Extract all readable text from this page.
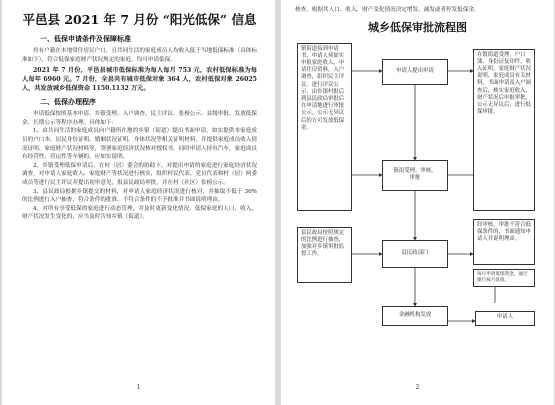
平邑县 2021 年 7 月份 “阳光低保” 信息
一、低保申请条件及保障标准

持有户籍在本地常住居民户口，且共同生活的家庭成员人均收入低于当地低保标准（具体标准如下），符合低保家庭财产状况规定的家庭，均可申请低保。

2021 年 7 月份，平邑县城市低保标准为每人每月 753 元，农村低保标准为每人每年 6960 元。7 月份，全县共有城市低保对象 364 人，农村低保对象 26025 人，共发放城乡低保资金 1150.1132 万元。

二、低保办理程序

申请低保按照基本申请、乡镇受理、入户调查、民主评议、张榜公示、县级审批、发放低保金、长期公示等程序办理。具体如下：

1、由共同生活的家庭成员向户籍所在地的乡镇（街道）提出书面申请，如实提供本家庭成员的户口本、居民身份证明、婚姻状况证明、身体状况等相关证明材料，并提供家庭成员收入情况证明、家庭财产状况材料等，签署家庭经济状况核对授权书。同时申请人持有汽车、家庭成员有经营性、营运性等车辆的，应如实说明。

2、乡镇受理低保申请后，在村（居）委会的协助下，对提出申请的家庭进行家庭经济状况调查，对申请人家庭收入、家庭财产等状况进行核实，组织村民代表、党员代表和村（居）两委成员等进行民主评议并提出初审意见，报县民政局审批，并在村（社区）张榜公示。

3、县民政局根据乡镇提交的材料，对申请人家庭经济状况进行核对，并抽取不低于 30% 的比例进行入户抽查，符合条件的批准，不符合条件的不予批准并书面说明理由。

4、对所有享受低保的家庭进行动态管理，并及时更新变化情况。低保家庭的人口、收入、财产状况发生变化的，应当及时告知乡镇（街道）。

1

核查，根据其人口、收入、财产变化情况决定增发、减发或者停发低保金。

城乡低保审批流程图
镇街道接到申请书，申请人须如实申报家庭收入、申请住房资料，入户调查，组织民主评议，进行评议公示，由乡镇村报后到县民政局审批后在申请地进行审批公示，公示无异议后的方可发放低保金。
申请人提出申请
在镇街道受理，户口簿、身份证复印件、收入证明、家庭财产状况说明、家庭成员有关材料，书面申请及入户调查后，核实家庭收入，财产状况后申报审批，公示无异议后，进行低保审批。
镇街受理、审核、
审批
县民政局按照规定的比例进行抽查，加强对乡镇审批监督工作。	县民政部门
经审核，审批不符合低保条件的，书面通知申请人并说明理由。
每月申请低保资金，通过银行按月发放。
金融机构发放	申请人
2
